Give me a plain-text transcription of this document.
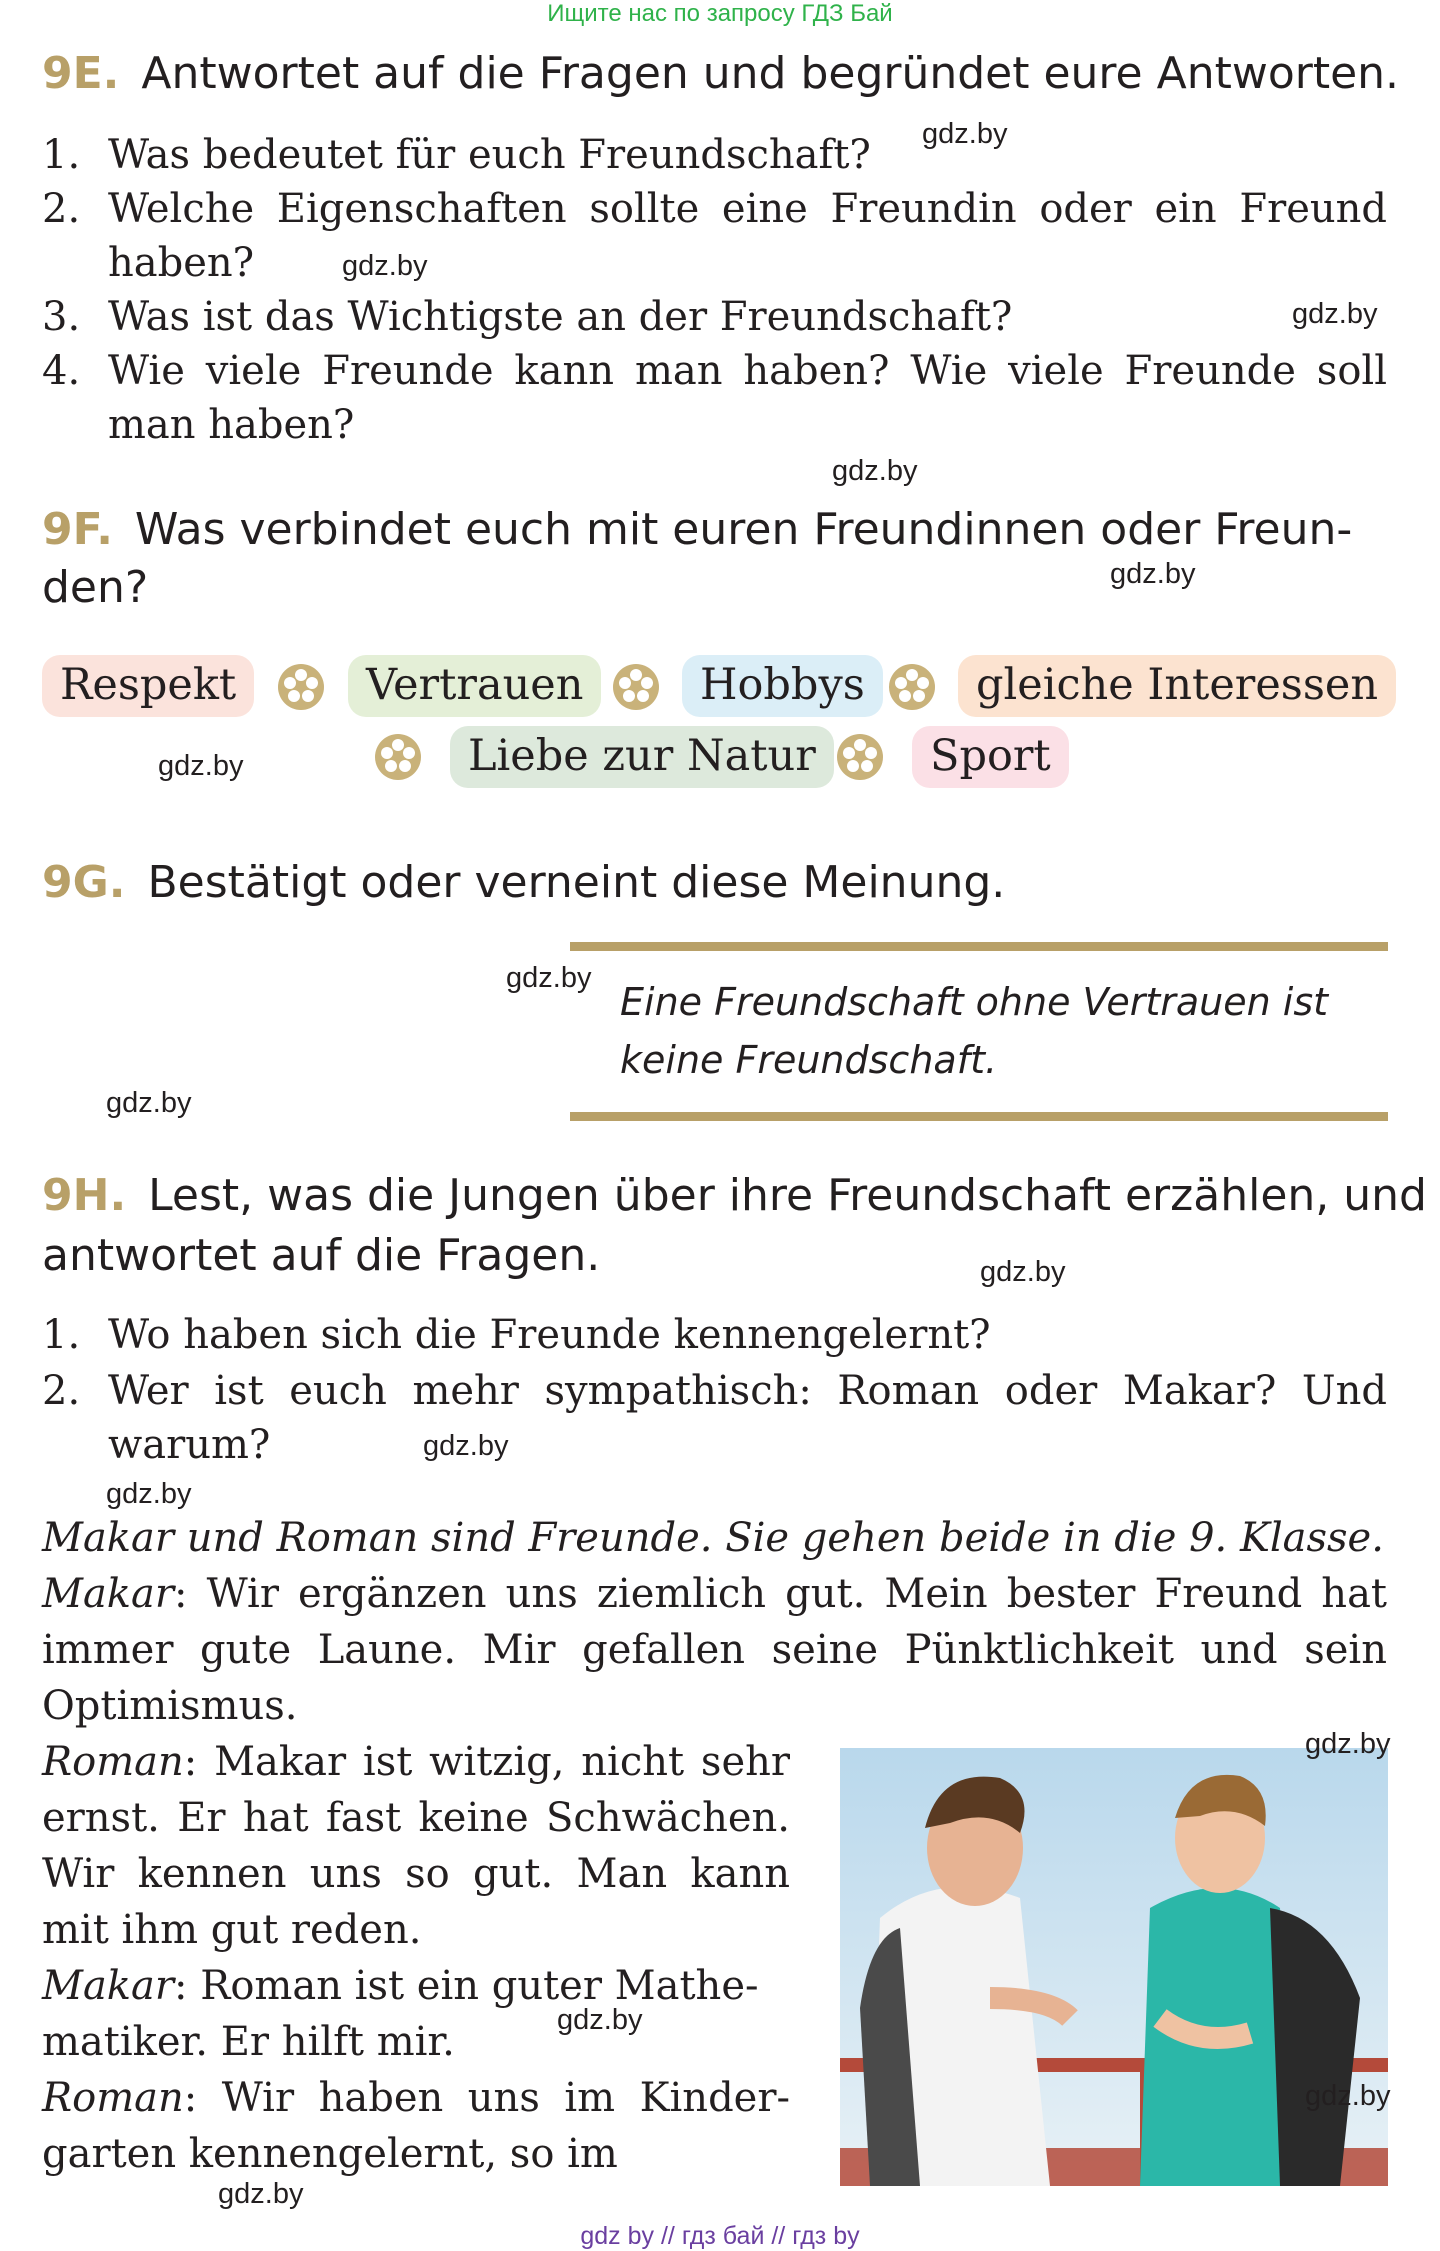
Ищите нас по запросу ГДЗ Бай
9E. Antwortet auf die Fragen und begründet eure Antworten.
1. Was bedeutet für euch Freundschaft?
2. Welche Eigenschaften sollte eine Freundin oder ein Freund haben?
3. Was ist das Wichtigste an der Freundschaft?
4. Wie viele Freunde kann man haben? Wie viele Freunde soll man haben?
gdz.by
gdz.by
gdz.by
gdz.by
9F. Was verbindet euch mit euren Freundinnen oder Freun-
den?	gdz.by
Respekt	Vertrauen	Hobbys	gleiche Interessen
gdz.by	Liebe zur Natur	Sport
9G. Bestätigt oder verneint diese Meinung.
gdz.by
Eine Freundschaft ohne Vertrauen ist
keine Freundschaft.
gdz.by
9H. Lest, was die Jungen über ihre Freundschaft erzählen, und
antwortet auf die Fragen.	gdz.by
1. Wo haben sich die Freunde kennengelernt?
2. Wer ist euch mehr sympathisch: Roman oder Makar? Und warum?	gdz.by
gdz.by
Makar und Roman sind Freunde. Sie gehen beide in die 9. Klasse.
Makar: Wir ergänzen uns ziemlich gut. Mein bester Freund hat immer gute Laune. Mir gefallen seine Pünktlichkeit und sein Optimismus.
Roman: Makar ist witzig, nicht sehr ernst. Er hat fast keine Schwächen. Wir kennen uns so gut. Man kann mit ihm gut reden.
Makar: Roman ist ein guter Mathe-matiker. Er hilft mir.	gdz.by
Roman: Wir haben uns im Kinder-garten kennengelernt, so im
gdz.by
gdz.by
gdz.by
gdz by // гдз бай // гдз by
